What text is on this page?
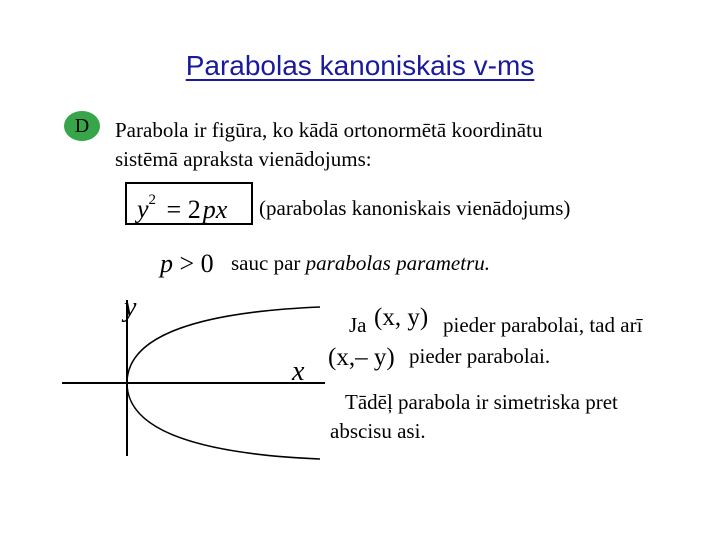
Parabolas kanoniskais v-ms
D	Parabola ir figūra, ko kādā ortonormētā koordinātu
sistēmā apraksta vienādojums:
$y^2 = 2px$ (parabolas kanoniskais vienādojums)
p > 0 sauc par parabolas parametru.
Ja (x, y) pieder parabolai, tad arī
(x,– y) pieder parabolai.
Tādēļ parabola ir simetriska pret
abscisu asi.
y
x
